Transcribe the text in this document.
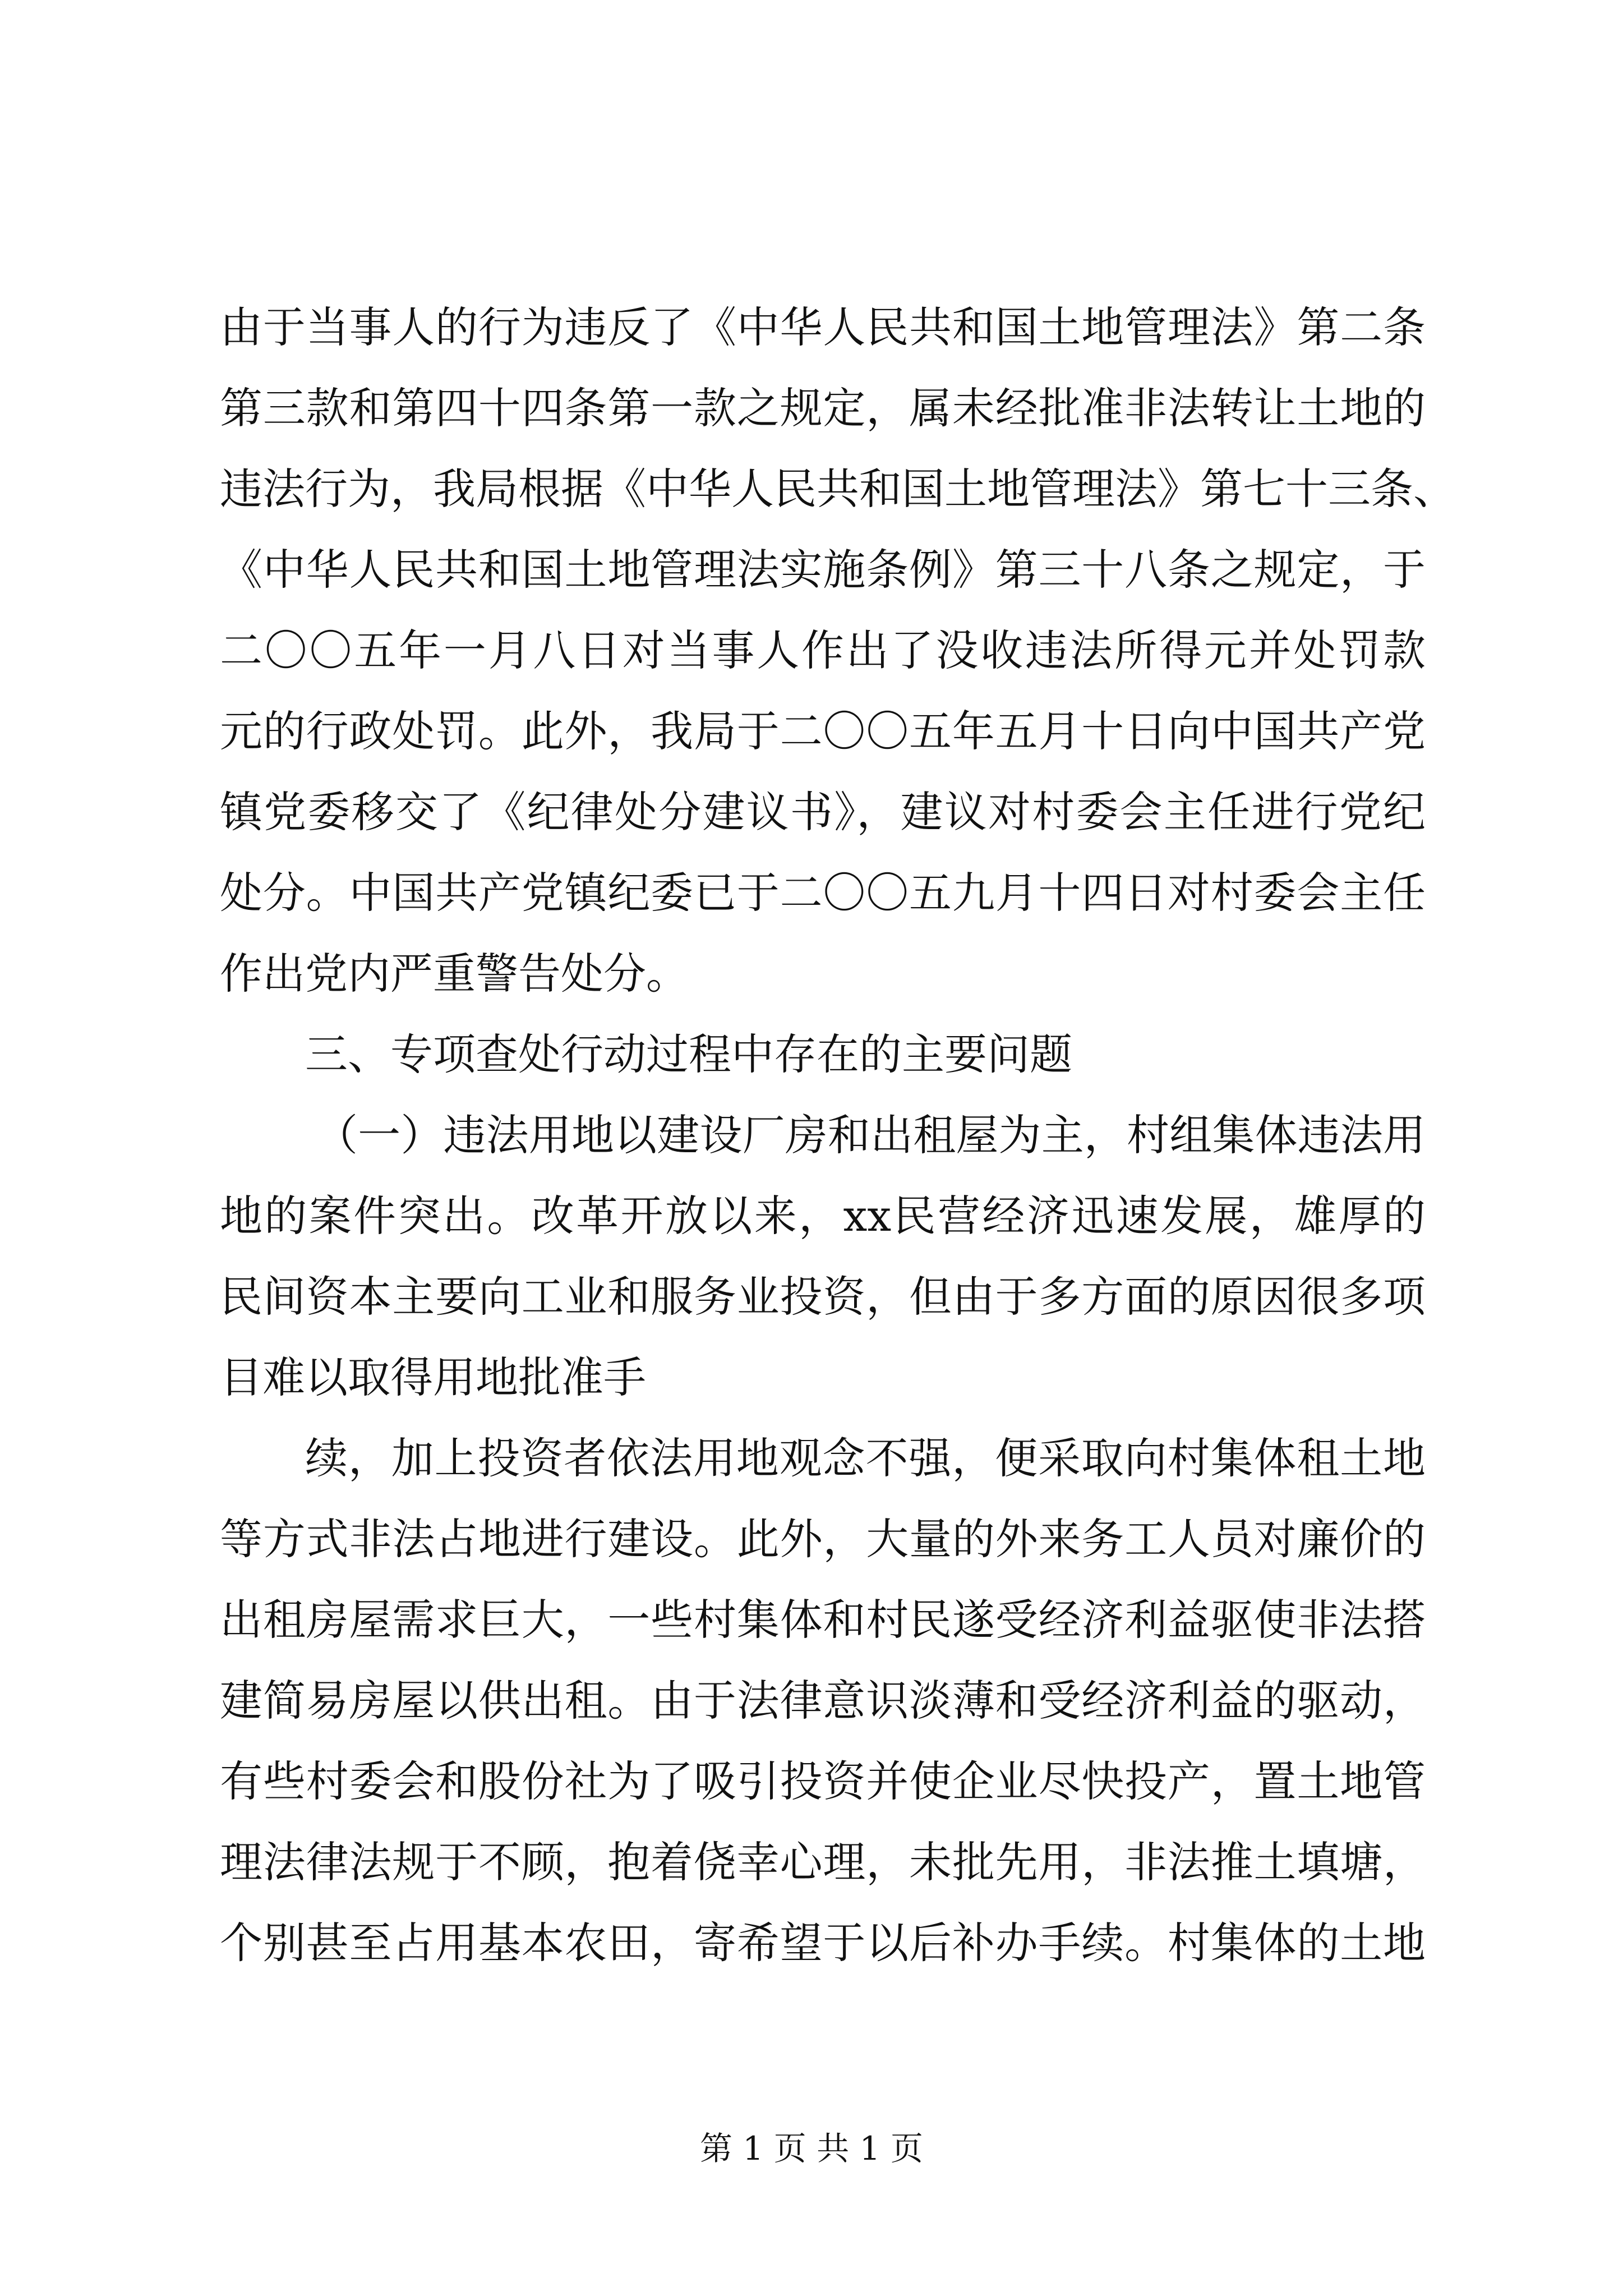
由于当事人的行为违反了《中华人民共和国土地管理法》第二条
第三款和第四十四条第一款之规定，属未经批准非法转让土地的
违法行为，我局根据《中华人民共和国土地管理法》第七十三条、
《中华人民共和国土地管理法实施条例》第三十八条之规定，于
二〇〇五年一月八日对当事人作出了没收违法所得元并处罚款
元的行政处罚。此外，我局于二〇〇五年五月十日向中国共产党
镇党委移交了《纪律处分建议书》，建议对村委会主任进行党纪
处分。中国共产党镇纪委已于二〇〇五九月十四日对村委会主任
作出党内严重警告处分。
三、专项查处行动过程中存在的主要问题
（一）违法用地以建设厂房和出租屋为主，村组集体违法用
地的案件突出。改革开放以来，xx民营经济迅速发展，雄厚的
民间资本主要向工业和服务业投资，但由于多方面的原因很多项
目难以取得用地批准手
续，加上投资者依法用地观念不强，便采取向村集体租土地
等方式非法占地进行建设。此外，大量的外来务工人员对廉价的
出租房屋需求巨大，一些村集体和村民遂受经济利益驱使非法搭
建简易房屋以供出租。由于法律意识淡薄和受经济利益的驱动，
有些村委会和股份社为了吸引投资并使企业尽快投产，置土地管
理法律法规于不顾，抱着侥幸心理，未批先用，非法推土填塘，
个别甚至占用基本农田，寄希望于以后补办手续。村集体的土地
第 1 页 共 1 页
